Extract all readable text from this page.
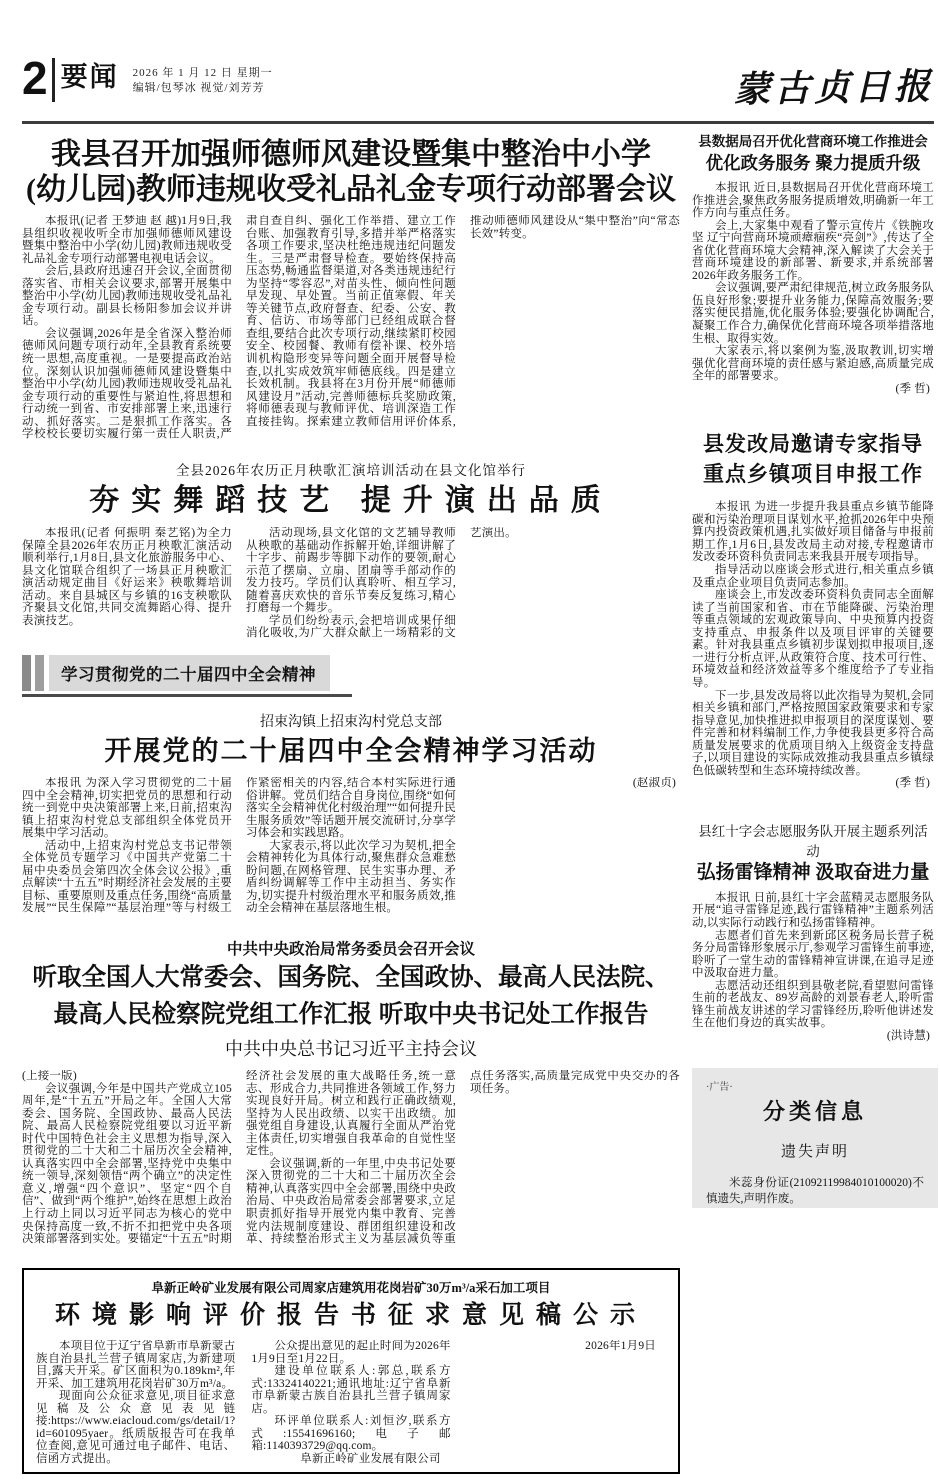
2 要闻 2026 年 1 月 12 日 星期一
编辑/包琴冰 视觉/刘芳芳	蒙古贞日报
我县召开加强师德师风建设暨集中整治中小学
(幼儿园)教师违规收受礼品礼金专项行动部署会议

本报讯(记者 王梦迪 赵 越)1月9日,我县组织收视收听全市加强师德师风建设暨集中整治中小学(幼儿园)教师违规收受礼品礼金专项行动部署电视电话会议。

会后,县政府迅速召开会议,全面贯彻落实省、市相关会议要求,部署开展集中整治中小学(幼儿园)教师违规收受礼品礼金专项行动。副县长杨阳参加会议并讲话。

会议强调,2026年是全省深入整治师德师风问题专项行动年,全县教育系统要统一思想,高度重视。一是要提高政治站位。深刻认识加强师德师风建设暨集中整治中小学(幼儿园)教师违规收受礼品礼金专项行动的重要性与紧迫性,将思想和行动统一到省、市安排部署上来,迅速行动、抓好落实。二是狠抓工作落实。各学校校长要切实履行第一责任人职责,严肃自查自纠、强化工作举措、建立工作台账、加强教育引导,多措并举严格落实各项工作要求,坚决杜绝违规违纪问题发生。三是严肃督导检查。要始终保持高压态势,畅通监督渠道,对各类违规违纪行为坚持“零容忍”,对苗头性、倾向性问题早发现、早处置。当前正值寒假、年关等关键节点,政府督查、纪委、公安、教育、信访、市场等部门已经组成联合督查组,要结合此次专项行动,继续紧盯校园安全、校园餐、教师有偿补课、校外培训机构隐形变异等问题全面开展督导检查,以扎实成效筑牢师德底线。四是建立长效机制。我县将在3月份开展“师德师风建设月”活动,完善师德标兵奖励政策,将师德表现与教师评优、培训深造工作直接挂钩。探索建立教师信用评价体系,推动师德师风建设从“集中整治”向“常态长效”转变。

全县2026年农历正月秧歌汇演培训活动在县文化馆举行
夯实舞蹈技艺 提升演出品质

本报讯(记者 何振明 秦艺铭)为全力保障全县2026年农历正月秧歌汇演活动顺利举行,1月8日,县文化旅游服务中心、县文化馆联合组织了一场县正月秧歌汇演活动规定曲目《好运来》秧歌舞培训活动。来自县城区与乡镇的16支秧歌队齐聚县文化馆,共同交流舞蹈心得、提升表演技艺。

活动现场,县文化馆的文艺辅导教师从秧歌的基础动作拆解开始,详细讲解了十字步、前踢步等脚下动作的要领,耐心示范了摆扇、立扇、团扇等手部动作的发力技巧。学员们认真聆听、相互学习,随着喜庆欢快的音乐节奏反复练习,精心打磨每一个舞步。

学员们纷纷表示,会把培训成果仔细消化吸收,为广大群众献上一场精彩的文艺演出。

学习贯彻党的二十届四中全会精神
招束沟镇上招束沟村党总支部
开展党的二十届四中全会精神学习活动

本报讯 为深入学习贯彻党的二十届四中全会精神,切实把党员的思想和行动统一到党中央决策部署上来,日前,招束沟镇上招束沟村党总支部组织全体党员开展集中学习活动。

活动中,上招束沟村党总支书记带领全体党员专题学习《中国共产党第二十届中央委员会第四次全体会议公报》,重点解读“十五五”时期经济社会发展的主要目标、重要原则及重点任务,围绕“高质量发展”“民生保障”“基层治理”等与村级工作紧密相关的内容,结合本村实际进行通俗讲解。党员们结合自身岗位,围绕“如何落实全会精神优化村级治理”“如何提升民生服务质效”等话题开展交流研讨,分享学习体会和实践思路。

大家表示,将以此次学习为契机,把全会精神转化为具体行动,聚焦群众急难愁盼问题,在网格管理、民生实事办理、矛盾纠纷调解等工作中主动担当、务实作为,切实提升村级治理水平和服务质效,推动全会精神在基层落地生根。

(赵淑贞)

中共中央政治局常务委员会召开会议
听取全国人大常委会、国务院、全国政协、最高人民法院、
最高人民检察院党组工作汇报 听取中央书记处工作报告
中共中央总书记习近平主持会议

(上接一版)

会议强调,今年是中国共产党成立105周年,是“十五五”开局之年。全国人大常委会、国务院、全国政协、最高人民法院、最高人民检察院党组要以习近平新时代中国特色社会主义思想为指导,深入贯彻党的二十大和二十届历次全会精神,认真落实四中全会部署,坚持党中央集中统一领导,深刻领悟“两个确立”的决定性意义,增强“四个意识”、坚定“四个自信”、做到“两个维护”,始终在思想上政治上行动上同以习近平同志为核心的党中央保持高度一致,不折不扣把党中央各项决策部署落到实处。要锚定“十五五”时期经济社会发展的重大战略任务,统一意志、形成合力,共同推进各领域工作,努力实现良好开局。树立和践行正确政绩观,坚持为人民出政绩、以实干出政绩。加强党组自身建设,认真履行全面从严治党主体责任,切实增强自我革命的自觉性坚定性。

会议强调,新的一年里,中央书记处要深入贯彻党的二十大和二十届历次全会精神,认真落实四中全会部署,围绕中央政治局、中央政治局常委会部署要求,立足职责抓好指导开展党内集中教育、完善党内法规制度建设、群团组织建设和改革、持续整治形式主义为基层减负等重点任务落实,高质量完成党中央交办的各项任务。

阜新正岭矿业发展有限公司周家店建筑用花岗岩矿30万m³/a采石加工项目
环境影响评价报告书征求意见稿公示

本项目位于辽宁省阜新市阜新蒙古族自治县扎兰营子镇周家店,为新建项目,露天开采。矿区面积为0.189km²,年开采、加工建筑用花岗岩矿30万m³/a。

现面向公众征求意见,项目征求意见稿及公众意见表见链接:https://www.eiacloud.com/gs/detail/1?id=601095yaer。纸质版报告可在我单位查阅,意见可通过电子邮件、电话、信函方式提出。

公众提出意见的起止时间为2026年1月9日至1月22日。

建设单位联系人:郭总,联系方式:13324140221;通讯地址:辽宁省阜新市阜新蒙古族自治县扎兰营子镇周家店。

环评单位联系人:刘恒汐,联系方式:15541696160;电子邮箱:1140393729@qq.com。

阜新正岭矿业发展有限公司

2026年1月9日

县数据局召开优化营商环境工作推进会
优化政务服务 聚力提质升级

本报讯 近日,县数据局召开优化营商环境工作推进会,聚焦政务服务提质增效,明确新一年工作方向与重点任务。

会上,大家集中观看了警示宣传片《铁腕攻坚 辽宁向营商环境顽瘴痼疾“亮剑”》,传达了全省优化营商环境大会精神,深入解读了大会关于营商环境建设的新部署、新要求,并系统部署2026年政务服务工作。

会议强调,要严肃纪律规范,树立政务服务队伍良好形象;要提升业务能力,保障高效服务;要落实便民措施,优化服务体验;要强化协调配合,凝聚工作合力,确保优化营商环境各项举措落地生根、取得实效。

大家表示,将以案例为鉴,汲取教训,切实增强优化营商环境的责任感与紧迫感,高质量完成全年的部署要求。

(季 哲)

县发改局邀请专家指导
重点乡镇项目申报工作

本报讯 为进一步提升我县重点乡镇节能降碳和污染治理项目谋划水平,抢抓2026年中央预算内投资政策机遇,扎实做好项目储备与申报前期工作,1月6日,县发改局主动对接,专程邀请市发改委环资科负责同志来我县开展专项指导。

指导活动以座谈会形式进行,相关重点乡镇及重点企业项目负责同志参加。

座谈会上,市发改委环资科负责同志全面解读了当前国家和省、市在节能降碳、污染治理等重点领域的宏观政策导向、中央预算内投资支持重点、申报条件以及项目评审的关键要素。针对我县重点乡镇初步谋划拟申报项目,逐一进行分析点评,从政策符合度、技术可行性、环境效益和经济效益等多个维度给予了专业指导。

下一步,县发改局将以此次指导为契机,会同相关乡镇和部门,严格按照国家政策要求和专家指导意见,加快推进拟申报项目的深度谋划、要件完善和材料编制工作,力争使我县更多符合高质量发展要求的优质项目纳入上级资金支持盘子,以项目建设的实际成效推动我县重点乡镇绿色低碳转型和生态环境持续改善。

(季 哲)

县红十字会志愿服务队开展主题系列活动
弘扬雷锋精神 汲取奋进力量

本报讯 日前,县红十字会蓝精灵志愿服务队开展“追寻雷锋足迹,践行雷锋精神”主题系列活动,以实际行动践行和弘扬雷锋精神。

志愿者们首先来到新邱区税务局长营子税务分局雷锋形象展示厅,参观学习雷锋生前事迹,聆听了一堂生动的雷锋精神宣讲课,在追寻足迹中汲取奋进力量。

志愿活动还组织到县敬老院,看望慰问雷锋生前的老战友、89岁高龄的刘景春老人,聆听雷锋生前战友讲述的学习雷锋经历,聆听他讲述发生在他们身边的真实故事。

(洪诗慧)

·广告·
分类信息
遗失声明

米蕊身份证(21092119984010100020)不慎遗失,声明作废。
